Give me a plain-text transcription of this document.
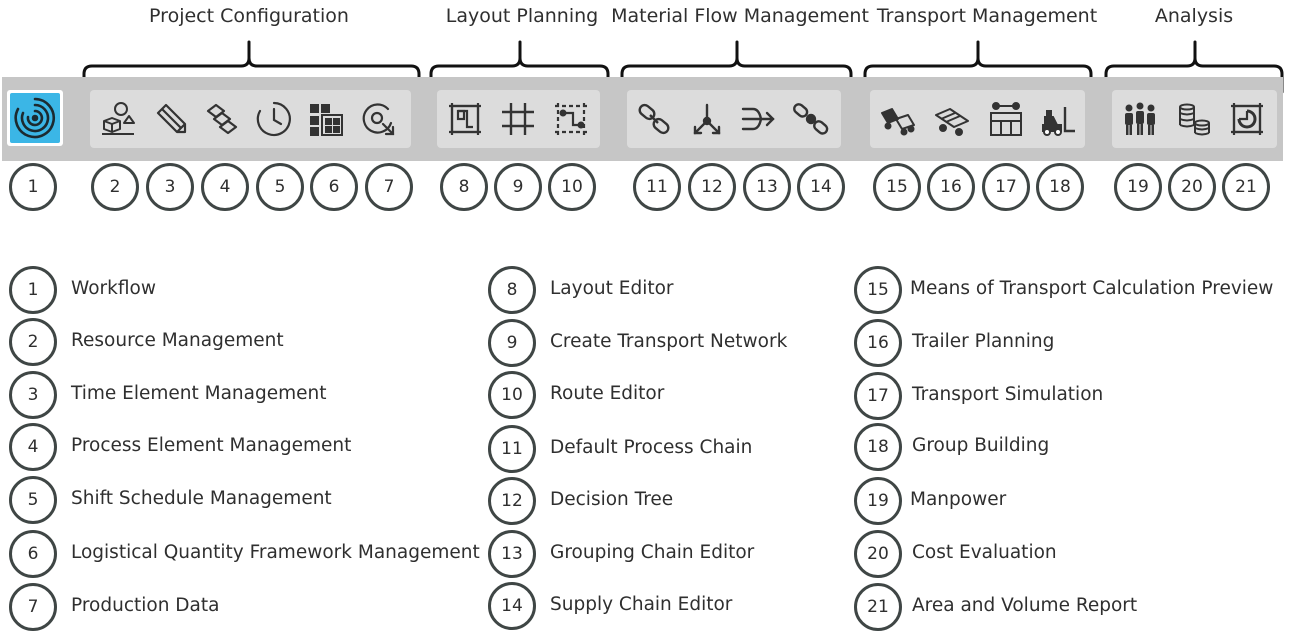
Project Configuration	Layout Planning Material Flow Management Transport Management	Analysis
1	2	3	4	5	6	7	8	9	10	11	12	13	14	15	16	17	18	19	20	21
1	Workflow
2	Resource Management
3	Time Element Management
4	Process Element Management
5	Shift Schedule Management
6	Logistical Quantity Framework Management
7	Production Data
8	Layout Editor
9	Create Transport Network
10	Route Editor
11	Default Process Chain
12	Decision Tree
13	Grouping Chain Editor
14	Supply Chain Editor
15	Means of Transport Calculation Preview
16	Trailer Planning
17	Transport Simulation
18	Group Building
19	Manpower
20	Cost Evaluation
21	Area and Volume Report
